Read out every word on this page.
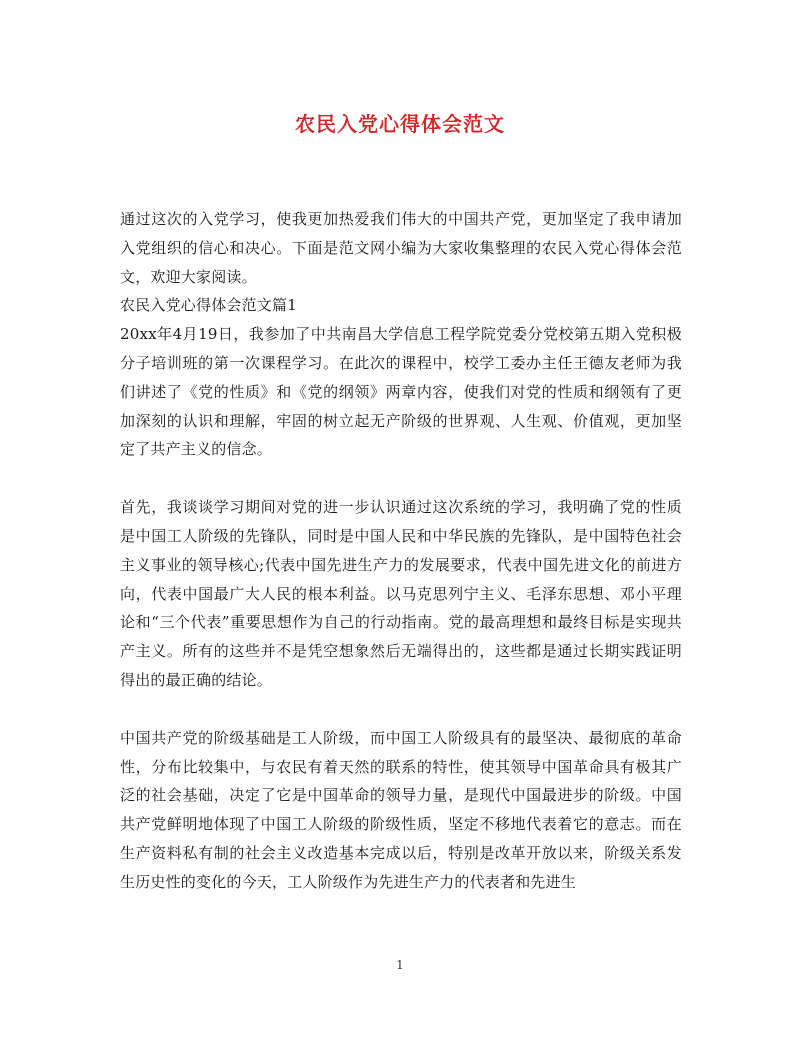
农民入党心得体会范文

通过这次的入党学习，使我更加热爱我们伟大的中国共产党，更加坚定了我申请加入党组织的信心和决心。下面是范文网小编为大家收集整理的农民入党心得体会范文，欢迎大家阅读。

农民入党心得体会范文篇1

20xx年4月19日，我参加了中共南昌大学信息工程学院党委分党校第五期入党积极分子培训班的第一次课程学习。在此次的课程中，校学工委办主任王德友老师为我们讲述了《党的性质》和《党的纲领》两章内容，使我们对党的性质和纲领有了更加深刻的认识和理解，牢固的树立起无产阶级的世界观、人生观、价值观，更加坚定了共产主义的信念。

首先，我谈谈学习期间对党的进一步认识通过这次系统的学习，我明确了党的性质是中国工人阶级的先锋队，同时是中国人民和中华民族的先锋队，是中国特色社会主义事业的领导核心;代表中国先进生产力的发展要求，代表中国先进文化的前进方向，代表中国最广大人民的根本利益。以马克思列宁主义、毛泽东思想、邓小平理论和“三个代表”重要思想作为自己的行动指南。党的最高理想和最终目标是实现共产主义。所有的这些并不是凭空想象然后无端得出的，这些都是通过长期实践证明得出的最正确的结论。

中国共产党的阶级基础是工人阶级，而中国工人阶级具有的最坚决、最彻底的革命性，分布比较集中，与农民有着天然的联系的特性，使其领导中国革命具有极其广泛的社会基础，决定了它是中国革命的领导力量，是现代中国最进步的阶级。中国共产党鲜明地体现了中国工人阶级的阶级性质，坚定不移地代表着它的意志。而在生产资料私有制的社会主义改造基本完成以后，特别是改革开放以来，阶级关系发生历史性的变化的今天，工人阶级作为先进生产力的代表者和先进生

1
